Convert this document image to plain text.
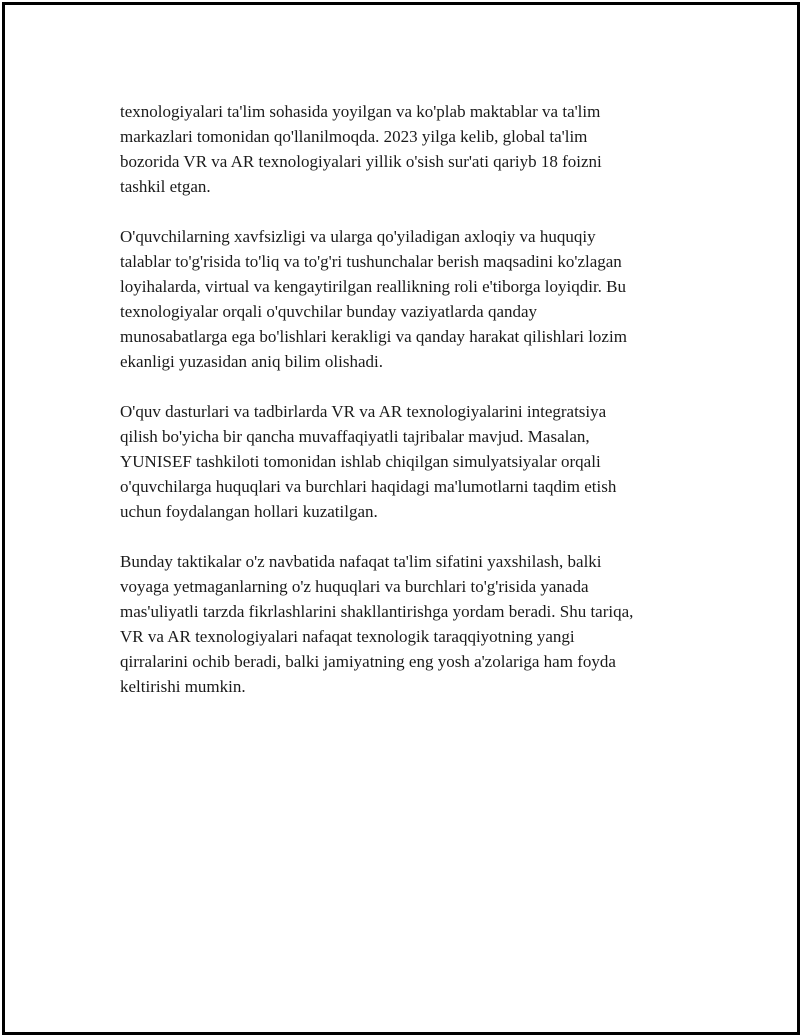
texnologiyalari ta'lim sohasida yoyilgan va ko'plab maktablar va ta'lim
markazlari tomonidan qo'llanilmoqda. 2023 yilga kelib, global ta'lim
bozorida VR va AR texnologiyalari yillik o'sish sur'ati qariyb 18 foizni
tashkil etgan.

O'quvchilarning xavfsizligi va ularga qo'yiladigan axloqiy va huquqiy
talablar to'g'risida to'liq va to'g'ri tushunchalar berish maqsadini ko'zlagan
loyihalarda, virtual va kengaytirilgan reallikning roli e'tiborga loyiqdir. Bu
texnologiyalar orqali o'quvchilar bunday vaziyatlarda qanday
munosabatlarga ega bo'lishlari kerakligi va qanday harakat qilishlari lozim
ekanligi yuzasidan aniq bilim olishadi.

O'quv dasturlari va tadbirlarda VR va AR texnologiyalarini integratsiya
qilish bo'yicha bir qancha muvaffaqiyatli tajribalar mavjud. Masalan,
YUNISEF tashkiloti tomonidan ishlab chiqilgan simulyatsiyalar orqali
o'quvchilarga huquqlari va burchlari haqidagi ma'lumotlarni taqdim etish
uchun foydalangan hollari kuzatilgan.

Bunday taktikalar o'z navbatida nafaqat ta'lim sifatini yaxshilash, balki
voyaga yetmaganlarning o'z huquqlari va burchlari to'g'risida yanada
mas'uliyatli tarzda fikrlashlarini shakllantirishga yordam beradi. Shu tariqa,
VR va AR texnologiyalari nafaqat texnologik taraqqiyotning yangi
qirralarini ochib beradi, balki jamiyatning eng yosh a'zolariga ham foyda
keltirishi mumkin.
